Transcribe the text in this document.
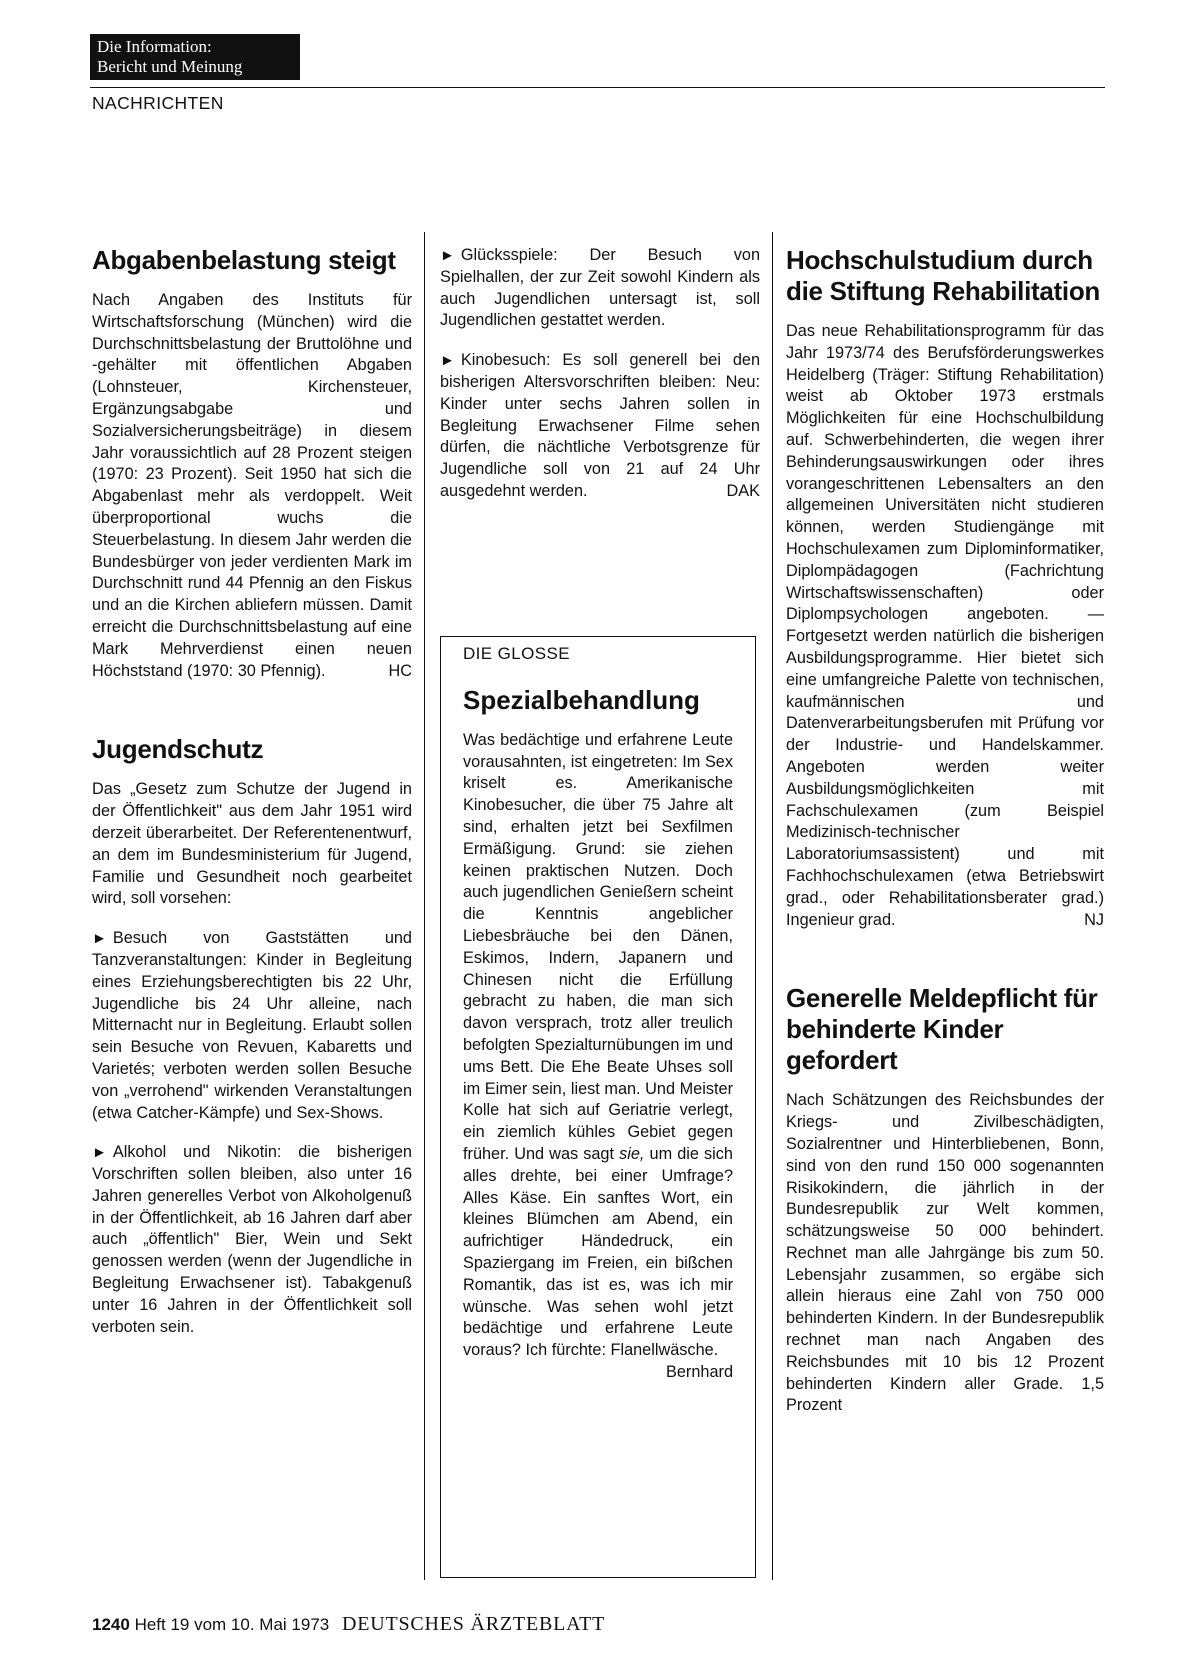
Die Information:
Bericht und Meinung
NACHRICHTEN
Abgabenbelastung steigt

Nach Angaben des Instituts für Wirtschaftsforschung (München) wird die Durchschnittsbelastung der Bruttolöhne und -gehälter mit öffentlichen Abgaben (Lohnsteuer, Kirchensteuer, Ergänzungsabgabe und Sozialversicherungsbeiträge) in diesem Jahr voraussichtlich auf 28 Prozent steigen (1970: 23 Prozent). Seit 1950 hat sich die Abgabenlast mehr als verdoppelt. Weit überproportional wuchs die Steuerbelastung. In diesem Jahr werden die Bundesbürger von jeder verdienten Mark im Durchschnitt rund 44 Pfennig an den Fiskus und an die Kirchen abliefern müssen. Damit erreicht die Durchschnittsbelastung auf eine Mark Mehrverdienst einen neuen Höchststand (1970: 30 Pfennig).	HC

Jugendschutz

Das „Gesetz zum Schutze der Jugend in der Öffentlichkeit" aus dem Jahr 1951 wird derzeit überarbeitet. Der Referentenentwurf, an dem im Bundesministerium für Jugend, Familie und Gesundheit noch gearbeitet wird, soll vorsehen:

► Besuch von Gaststätten und Tanzveranstaltungen: Kinder in Begleitung eines Erziehungsberechtigten bis 22 Uhr, Jugendliche bis 24 Uhr alleine, nach Mitternacht nur in Begleitung. Erlaubt sollen sein Besuche von Revuen, Kabaretts und Varietés; verboten werden sollen Besuche von „verrohend" wirkenden Veranstaltungen (etwa Catcher-Kämpfe) und Sex-Shows.

► Alkohol und Nikotin: die bisherigen Vorschriften sollen bleiben, also unter 16 Jahren generelles Verbot von Alkoholgenuß in der Öffentlichkeit, ab 16 Jahren darf aber auch „öffentlich" Bier, Wein und Sekt genossen werden (wenn der Jugendliche in Begleitung Erwachsener ist). Tabakgenuß unter 16 Jahren in der Öffentlichkeit soll verboten sein.

► Glücksspiele: Der Besuch von Spielhallen, der zur Zeit sowohl Kindern als auch Jugendlichen untersagt ist, soll Jugendlichen gestattet werden.

► Kinobesuch: Es soll generell bei den bisherigen Altersvorschriften bleiben: Neu: Kinder unter sechs Jahren sollen in Begleitung Erwachsener Filme sehen dürfen, die nächtliche Verbotsgrenze für Jugendliche soll von 21 auf 24 Uhr ausgedehnt werden.	DAK

DIE GLOSSE
Spezialbehandlung

Was bedächtige und erfahrene Leute vorausahnten, ist eingetreten: Im Sex kriselt es. Amerikanische Kinobesucher, die über 75 Jahre alt sind, erhalten jetzt bei Sexfilmen Ermäßigung. Grund: sie ziehen keinen praktischen Nutzen. Doch auch jugendlichen Genießern scheint die Kenntnis angeblicher Liebesbräuche bei den Dänen, Eskimos, Indern, Japanern und Chinesen nicht die Erfüllung gebracht zu haben, die man sich davon versprach, trotz aller treulich befolgten Spezialturnübungen im und ums Bett. Die Ehe Beate Uhses soll im Eimer sein, liest man. Und Meister Kolle hat sich auf Geriatrie verlegt, ein ziemlich kühles Gebiet gegen früher. Und was sagt sie, um die sich alles drehte, bei einer Umfrage? Alles Käse. Ein sanftes Wort, ein kleines Blümchen am Abend, ein aufrichtiger Händedruck, ein Spaziergang im Freien, ein bißchen Romantik, das ist es, was ich mir wünsche. Was sehen wohl jetzt bedächtige und erfahrene Leute voraus? Ich fürchte: Flanellwäsche.
Bernhard

Hochschulstudium durch die Stiftung Rehabilitation

Das neue Rehabilitationsprogramm für das Jahr 1973/74 des Berufsförderungswerkes Heidelberg (Träger: Stiftung Rehabilitation) weist ab Oktober 1973 erstmals Möglichkeiten für eine Hochschulbildung auf. Schwerbehinderten, die wegen ihrer Behinderungsauswirkungen oder ihres vorangeschrittenen Lebensalters an den allgemeinen Universitäten nicht studieren können, werden Studiengänge mit Hochschulexamen zum Diplominformatiker, Diplompädagogen (Fachrichtung Wirtschaftswissenschaften) oder Diplompsychologen angeboten. — Fortgesetzt werden natürlich die bisherigen Ausbildungsprogramme. Hier bietet sich eine umfangreiche Palette von technischen, kaufmännischen und Datenverarbeitungsberufen mit Prüfung vor der Industrie- und Handelskammer. Angeboten werden weiter Ausbildungsmöglichkeiten mit Fachschulexamen (zum Beispiel Medizinisch-technischer Laboratoriumsassistent) und mit Fachhochschulexamen (etwa Betriebswirt grad., oder Rehabilitationsberater grad.) Ingenieur grad.	NJ

Generelle Meldepflicht für behinderte Kinder gefordert

Nach Schätzungen des Reichsbundes der Kriegs- und Zivilbeschädigten, Sozialrentner und Hinterbliebenen, Bonn, sind von den rund 150 000 sogenannten Risikokindern, die jährlich in der Bundesrepublik zur Welt kommen, schätzungsweise 50 000 behindert. Rechnet man alle Jahrgänge bis zum 50. Lebensjahr zusammen, so ergäbe sich allein hieraus eine Zahl von 750 000 behinderten Kindern. In der Bundesrepublik rechnet man nach Angaben des Reichsbundes mit 10 bis 12 Prozent behinderten Kindern aller Grade. 1,5 Prozent

1240 Heft 19 vom 10. Mai 1973 DEUTSCHES ÄRZTEBLATT
